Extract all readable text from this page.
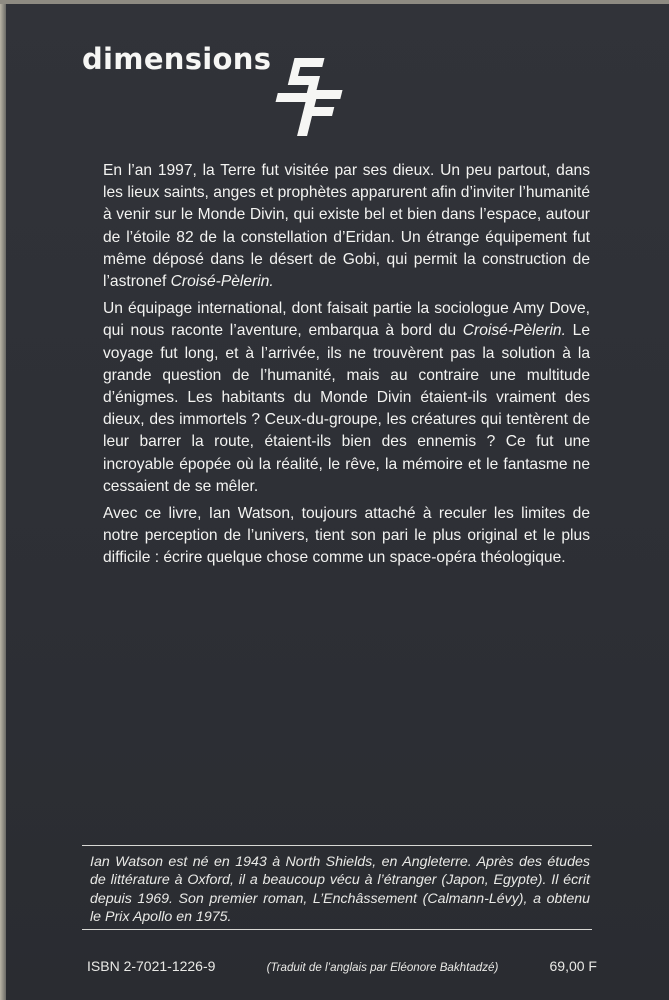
dimensions

En l’an 1997, la Terre fut visitée par ses dieux. Un peu partout, dans les lieux saints, anges et prophètes apparurent afin d’inviter l’humanité à venir sur le Monde Divin, qui existe bel et bien dans l’espace, autour de l’étoile 82 de la constellation d’Eridan. Un étrange équipement fut même déposé dans le désert de Gobi, qui permit la construction de l’astronef Croisé-Pèlerin.

Un équipage international, dont faisait partie la sociologue Amy Dove, qui nous raconte l’aventure, embarqua à bord du Croisé-Pèlerin. Le voyage fut long, et à l’arrivée, ils ne trouvèrent pas la solution à la grande question de l’humanité, mais au contraire une multitude d’énigmes. Les habitants du Monde Divin étaient-ils vraiment des dieux, des immortels ? Ceux-du-groupe, les créatures qui tentèrent de leur barrer la route, étaient-ils bien des ennemis ? Ce fut une incroyable épopée où la réalité, le rêve, la mémoire et le fantasme ne cessaient de se mêler.

Avec ce livre, Ian Watson, toujours attaché à reculer les limites de notre perception de l’univers, tient son pari le plus original et le plus difficile : écrire quelque chose comme un space-opéra théologique.

Ian Watson est né en 1943 à North Shields, en Angleterre. Après des études de littérature à Oxford, il a beaucoup vécu à l’étranger (Japon, Egypte). Il écrit depuis 1969. Son premier roman, L’Enchâssement (Calmann-Lévy), a obtenu le Prix Apollo en 1975.
ISBN 2-7021-1226-9	(Traduit de l’anglais par Eléonore Bakhtadzé)	69,00 F
